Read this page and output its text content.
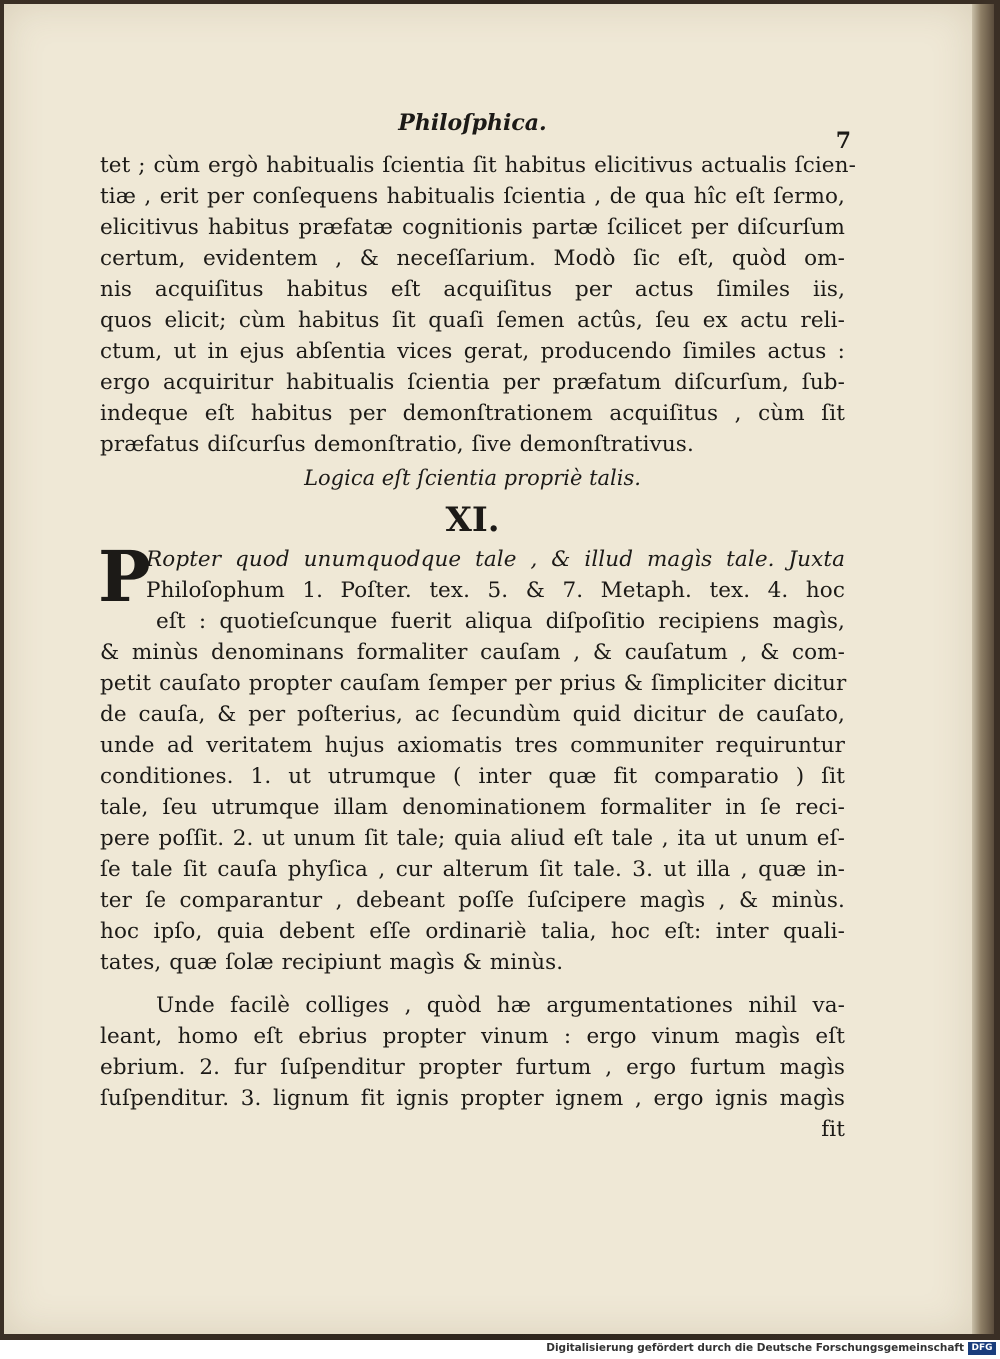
Philoſphica.
7
tet ; cùm ergò habitualis ſcientia ſit habitus elicitivus actualis ſcien-
tiæ , erit per conſequens habitualis ſcientia , de qua hîc eſt ſermo,
elicitivus habitus præfatæ cognitionis partæ ſcilicet per diſcurſum
certum, evidentem , & neceſſarium. Modò ſic eſt, quòd om-
nis acquiſitus habitus eſt acquiſitus per actus ſimiles iis,
quos elicit; cùm habitus ſit quaſi ſemen actûs, ſeu ex actu reli-
ctum, ut in ejus abſentia vices gerat, producendo ſimiles actus :
ergo acquiritur habitualis ſcientia per præfatum diſcurſum, ſub-
indeque eſt habitus per demonſtrationem acquiſitus , cùm ſit
præfatus diſcurſus demonſtratio, ſive demonſtrativus.
Logica eſt ſcientia propriè talis.
XI.
P
Ropter quod unumquodque tale , & illud magìs tale. Juxta
Philoſophum 1. Poſter. tex. 5. & 7. Metaph. tex. 4. hoc
eſt : quotieſcunque fuerit aliqua diſpoſitio recipiens magìs,
& minùs denominans formaliter cauſam , & cauſatum , & com-
petit cauſato propter cauſam ſemper per prius & ſimpliciter dicitur
de cauſa, & per poſterius, ac ſecundùm quid dicitur de cauſato,
unde ad veritatem hujus axiomatis tres communiter requiruntur
conditiones. 1. ut utrumque ( inter quæ fit comparatio ) ſit
tale, ſeu utrumque illam denominationem formaliter in ſe reci-
pere poſſit. 2. ut unum ſit tale; quia aliud eſt tale , ita ut unum eſ-
ſe tale ſit cauſa phyſica , cur alterum ſit tale. 3. ut illa , quæ in-
ter ſe comparantur , debeant poſſe ſuſcipere magìs , & minùs.
hoc ipſo, quia debent eſſe ordinariè talia, hoc eſt: inter quali-
tates, quæ ſolæ recipiunt magìs & minùs.
Unde facilè colliges , quòd hæ argumentationes nihil va-
leant, homo eſt ebrius propter vinum : ergo vinum magìs eſt
ebrium. 2. fur ſuſpenditur propter furtum , ergo furtum magìs
ſuſpenditur. 3. lignum fit ignis propter ignem , ergo ignis magìs
fit
Digitalisierung gefördert durch die Deutsche Forschungsgemeinschaft DFG
